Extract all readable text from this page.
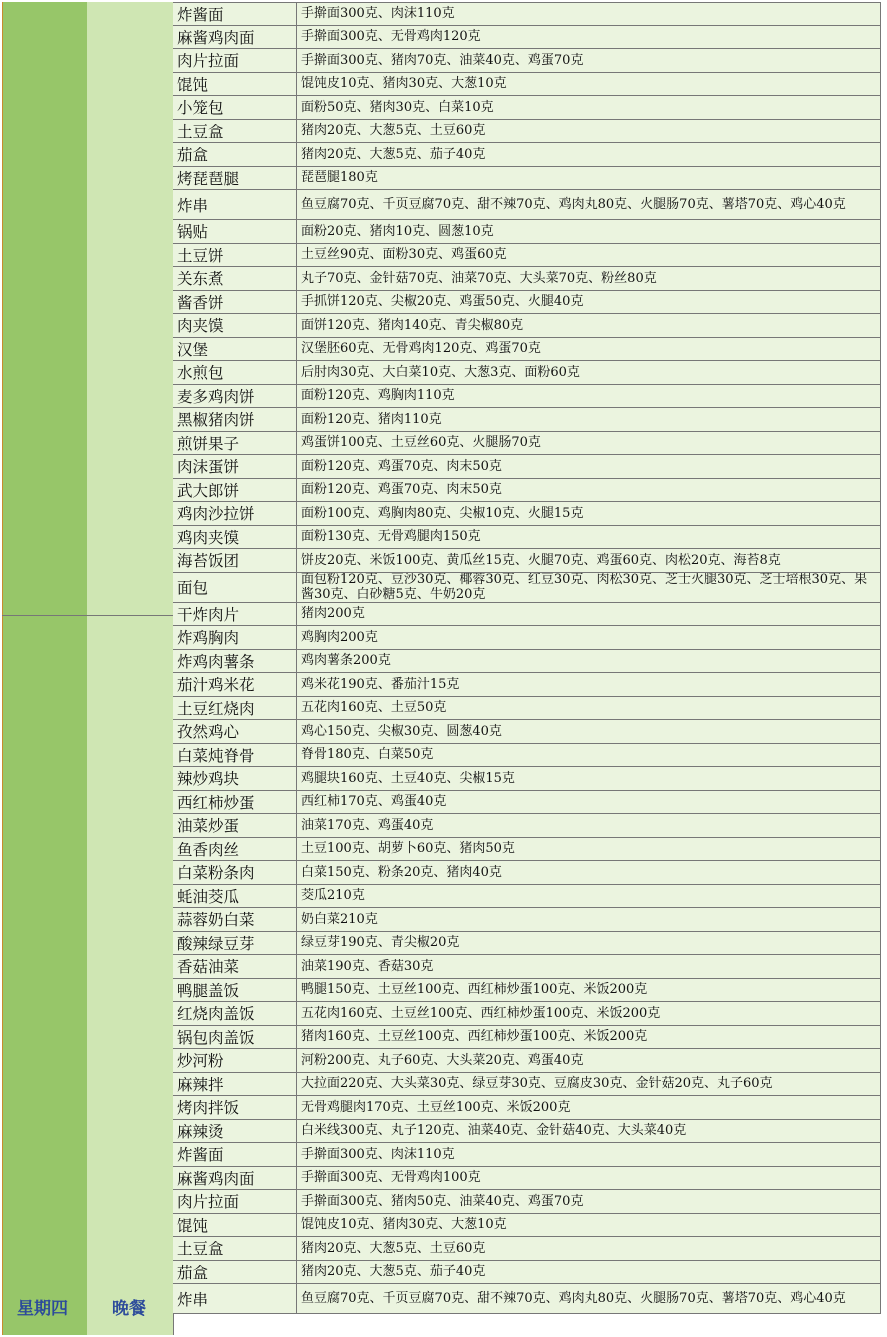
星期四	晚餐
炸酱面	手擀面300克、肉沫110克
麻酱鸡肉面	手擀面300克、无骨鸡肉120克
肉片拉面	手擀面300克、猪肉70克、油菜40克、鸡蛋70克
馄饨	馄饨皮10克、猪肉30克、大葱10克
小笼包	面粉50克、猪肉30克、白菜10克
土豆盒	猪肉20克、大葱5克、土豆60克
茄盒	猪肉20克、大葱5克、茄子40克
烤琵琶腿	琵琶腿180克
炸串	鱼豆腐70克、千页豆腐70克、甜不辣70克、鸡肉丸80克、火腿肠70克、薯塔70克、鸡心40克
锅贴	面粉20克、猪肉10克、圆葱10克
土豆饼	土豆丝90克、面粉30克、鸡蛋60克
关东煮	丸子70克、金针菇70克、油菜70克、大头菜70克、粉丝80克
酱香饼	手抓饼120克、尖椒20克、鸡蛋50克、火腿40克
肉夹馍	面饼120克、猪肉140克、青尖椒80克
汉堡	汉堡胚60克、无骨鸡肉120克、鸡蛋70克
水煎包	后肘肉30克、大白菜10克、大葱3克、面粉60克
麦多鸡肉饼	面粉120克、鸡胸肉110克
黑椒猪肉饼	面粉120克、猪肉110克
煎饼果子	鸡蛋饼100克、土豆丝60克、火腿肠70克
肉沫蛋饼	面粉120克、鸡蛋70克、肉末50克
武大郎饼	面粉120克、鸡蛋70克、肉末50克
鸡肉沙拉饼	面粉100克、鸡胸肉80克、尖椒10克、火腿15克
鸡肉夹馍	面粉130克、无骨鸡腿肉150克
海苔饭团	饼皮20克、米饭100克、黄瓜丝15克、火腿70克、鸡蛋60克、肉松20克、海苔8克
面包	面包粉120克、豆沙30克、椰蓉30克、红豆30克、肉松30克、芝士火腿30克、芝士培根30克、果酱30克、白砂糖5克、牛奶20克
干炸肉片	猪肉200克
炸鸡胸肉	鸡胸肉200克
炸鸡肉薯条	鸡肉薯条200克
茄汁鸡米花	鸡米花190克、番茄汁15克
土豆红烧肉	五花肉160克、土豆50克
孜然鸡心	鸡心150克、尖椒30克、圆葱40克
白菜炖脊骨	脊骨180克、白菜50克
辣炒鸡块	鸡腿块160克、土豆40克、尖椒15克
西红柿炒蛋	西红柿170克、鸡蛋40克
油菜炒蛋	油菜170克、鸡蛋40克
鱼香肉丝	土豆100克、胡萝卜60克、猪肉50克
白菜粉条肉	白菜150克、粉条20克、猪肉40克
蚝油茭瓜	茭瓜210克
蒜蓉奶白菜	奶白菜210克
酸辣绿豆芽	绿豆芽190克、青尖椒20克
香菇油菜	油菜190克、香菇30克
鸭腿盖饭	鸭腿150克、土豆丝100克、西红柿炒蛋100克、米饭200克
红烧肉盖饭	五花肉160克、土豆丝100克、西红柿炒蛋100克、米饭200克
锅包肉盖饭	猪肉160克、土豆丝100克、西红柿炒蛋100克、米饭200克
炒河粉	河粉200克、丸子60克、大头菜20克、鸡蛋40克
麻辣拌	大拉面220克、大头菜30克、绿豆芽30克、豆腐皮30克、金针菇20克、丸子60克
烤肉拌饭	无骨鸡腿肉170克、土豆丝100克、米饭200克
麻辣烫	白米线300克、丸子120克、油菜40克、金针菇40克、大头菜40克
炸酱面	手擀面300克、肉沫110克
麻酱鸡肉面	手擀面300克、无骨鸡肉100克
肉片拉面	手擀面300克、猪肉50克、油菜40克、鸡蛋70克
馄饨	馄饨皮10克、猪肉30克、大葱10克
土豆盒	猪肉20克、大葱5克、土豆60克
茄盒	猪肉20克、大葱5克、茄子40克
炸串	鱼豆腐70克、千页豆腐70克、甜不辣70克、鸡肉丸80克、火腿肠70克、薯塔70克、鸡心40克
